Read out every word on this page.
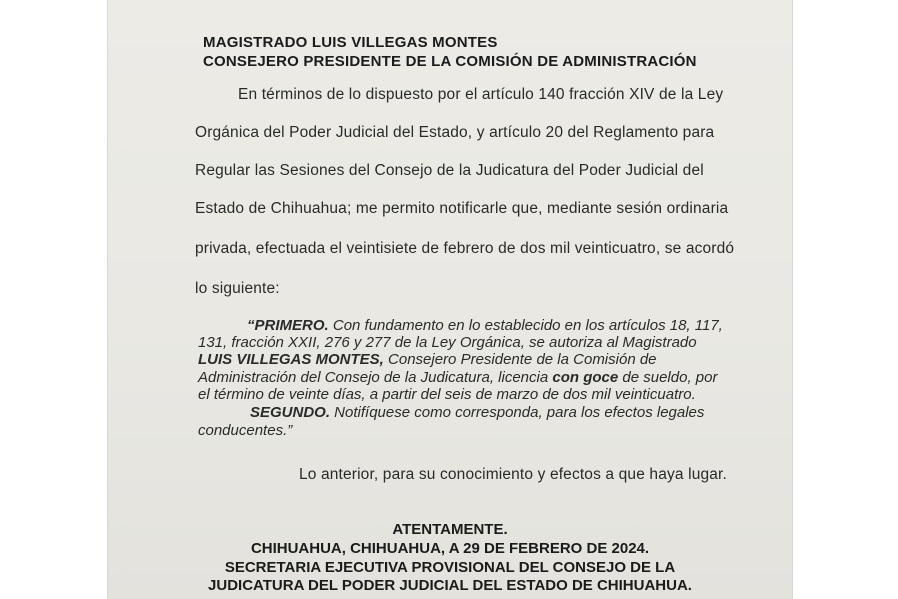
MAGISTRADO LUIS VILLEGAS MONTES
CONSEJERO PRESIDENTE DE LA COMISIÓN DE ADMINISTRACIÓN
En términos de lo dispuesto por el artículo 140 fracción XIV de la Ley
Orgánica del Poder Judicial del Estado, y artículo 20 del Reglamento para
Regular las Sesiones del Consejo de la Judicatura del Poder Judicial del
Estado de Chihuahua; me permito notificarle que, mediante sesión ordinaria
privada, efectuada el veintisiete de febrero de dos mil veinticuatro, se acordó
lo siguiente:
“PRIMERO. Con fundamento en lo establecido en los artículos 18, 117,
131, fracción XXII, 276 y 277 de la Ley Orgánica, se autoriza al Magistrado
LUIS VILLEGAS MONTES, Consejero Presidente de la Comisión de
Administración del Consejo de la Judicatura, licencia con goce de sueldo, por
el término de veinte días, a partir del seis de marzo de dos mil veinticuatro.
SEGUNDO. Notifíquese como corresponda, para los efectos legales
conducentes.”
Lo anterior, para su conocimiento y efectos a que haya lugar.
ATENTAMENTE.
CHIHUAHUA, CHIHUAHUA, A 29 DE FEBRERO DE 2024.
SECRETARIA EJECUTIVA PROVISIONAL DEL CONSEJO DE LA
JUDICATURA DEL PODER JUDICIAL DEL ESTADO DE CHIHUAHUA.
